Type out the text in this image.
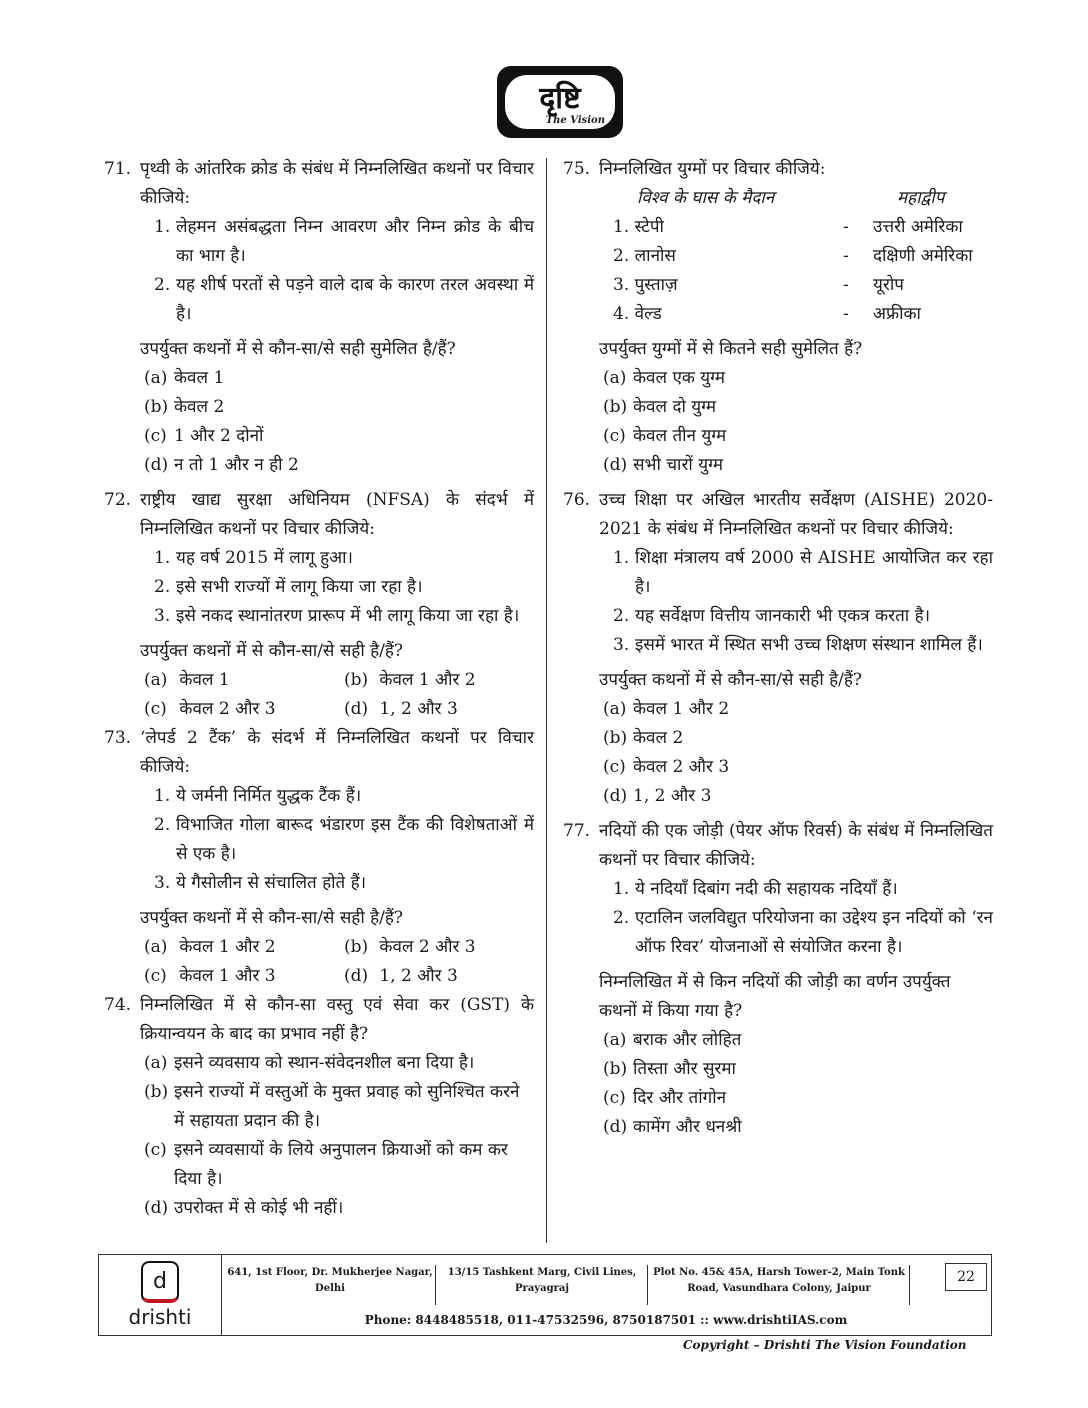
दृष्टि
The Vision
71. पृथ्वी के आंतरिक क्रोड के संबंध में निम्नलिखित कथनों पर विचार कीजिये:
1. लेहमन असंबद्धता निम्न आवरण और निम्न क्रोड के बीच का भाग है।
2. यह शीर्ष परतों से पड़ने वाले दाब के कारण तरल अवस्था में है।
उपर्युक्त कथनों में से कौन-सा/से सही सुमेलित है/हैं?
(a) केवल 1
(b) केवल 2
(c) 1 और 2 दोनों
(d) न तो 1 और न ही 2
72. राष्ट्रीय खाद्य सुरक्षा अधिनियम (NFSA) के संदर्भ में निम्नलिखित कथनों पर विचार कीजिये:
1. यह वर्ष 2015 में लागू हुआ।
2. इसे सभी राज्यों में लागू किया जा रहा है।
3. इसे नकद स्थानांतरण प्रारूप में भी लागू किया जा रहा है।
उपर्युक्त कथनों में से कौन-सा/से सही है/हैं?
(a) केवल 1	(b) केवल 1 और 2
(c) केवल 2 और 3	(d) 1, 2 और 3
73. ‘लेपर्ड 2 टैंक’ के संदर्भ में निम्नलिखित कथनों पर विचार कीजिये:
1. ये जर्मनी निर्मित युद्धक टैंक हैं।
2. विभाजित गोला बारूद भंडारण इस टैंक की विशेषताओं में से एक है।
3. ये गैसोलीन से संचालित होते हैं।
उपर्युक्त कथनों में से कौन-सा/से सही है/हैं?
(a) केवल 1 और 2	(b) केवल 2 और 3
(c) केवल 1 और 3	(d) 1, 2 और 3
74. निम्नलिखित में से कौन-सा वस्तु एवं सेवा कर (GST) के क्रियान्वयन के बाद का प्रभाव नहीं है?
(a) इसने व्यवसाय को स्थान-संवेदनशील बना दिया है।
(b) इसने राज्यों में वस्तुओं के मुक्त प्रवाह को सुनिश्चित करने में सहायता प्रदान की है।
(c) इसने व्यवसायों के लिये अनुपालन क्रियाओं को कम कर दिया है।
(d) उपरोक्त में से कोई भी नहीं।
75. निम्नलिखित युग्मों पर विचार कीजिये:
विश्व के घास के मैदान	महाद्वीप
1. स्टेपी	-	उत्तरी अमेरिका
2. लानोस	-	दक्षिणी अमेरिका
3. पुस्ताज़	-	यूरोप
4. वेल्ड	-	अफ्रीका
उपर्युक्त युग्मों में से कितने सही सुमेलित हैं?
(a) केवल एक युग्म
(b) केवल दो युग्म
(c) केवल तीन युग्म
(d) सभी चारों युग्म
76. उच्च शिक्षा पर अखिल भारतीय सर्वेक्षण (AISHE) 2020-2021 के संबंध में निम्नलिखित कथनों पर विचार कीजिये:
1. शिक्षा मंत्रालय वर्ष 2000 से AISHE आयोजित कर रहा है।
2. यह सर्वेक्षण वित्तीय जानकारी भी एकत्र करता है।
3. इसमें भारत में स्थित सभी उच्च शिक्षण संस्थान शामिल हैं।
उपर्युक्त कथनों में से कौन-सा/से सही है/हैं?
(a) केवल 1 और 2
(b) केवल 2
(c) केवल 2 और 3
(d) 1, 2 और 3
77. नदियों की एक जोड़ी (पेयर ऑफ रिवर्स) के संबंध में निम्नलिखित कथनों पर विचार कीजिये:
1. ये नदियाँ दिबांग नदी की सहायक नदियाँ हैं।
2. एटालिन जलविद्युत परियोजना का उद्देश्य इन नदियों को ‘रन ऑफ रिवर’ योजनाओं से संयोजित करना है।
निम्नलिखित में से किन नदियों की जोड़ी का वर्णन उपर्युक्त कथनों में किया गया है?
(a) बराक और लोहित
(b) तिस्ता और सुरमा
(c) दिर और तांगोन
(d) कामेंग और धनश्री
d
drishti
641, 1st Floor, Dr. Mukherjee Nagar, Delhi
13/15 Tashkent Marg, Civil Lines, Prayagraj
Plot No. 45& 45A, Harsh Tower-2, Main Tonk Road, Vasundhara Colony, Jaipur
22
Phone: 8448485518, 011-47532596, 8750187501 :: www.drishtiIAS.com
Copyright – Drishti The Vision Foundation
